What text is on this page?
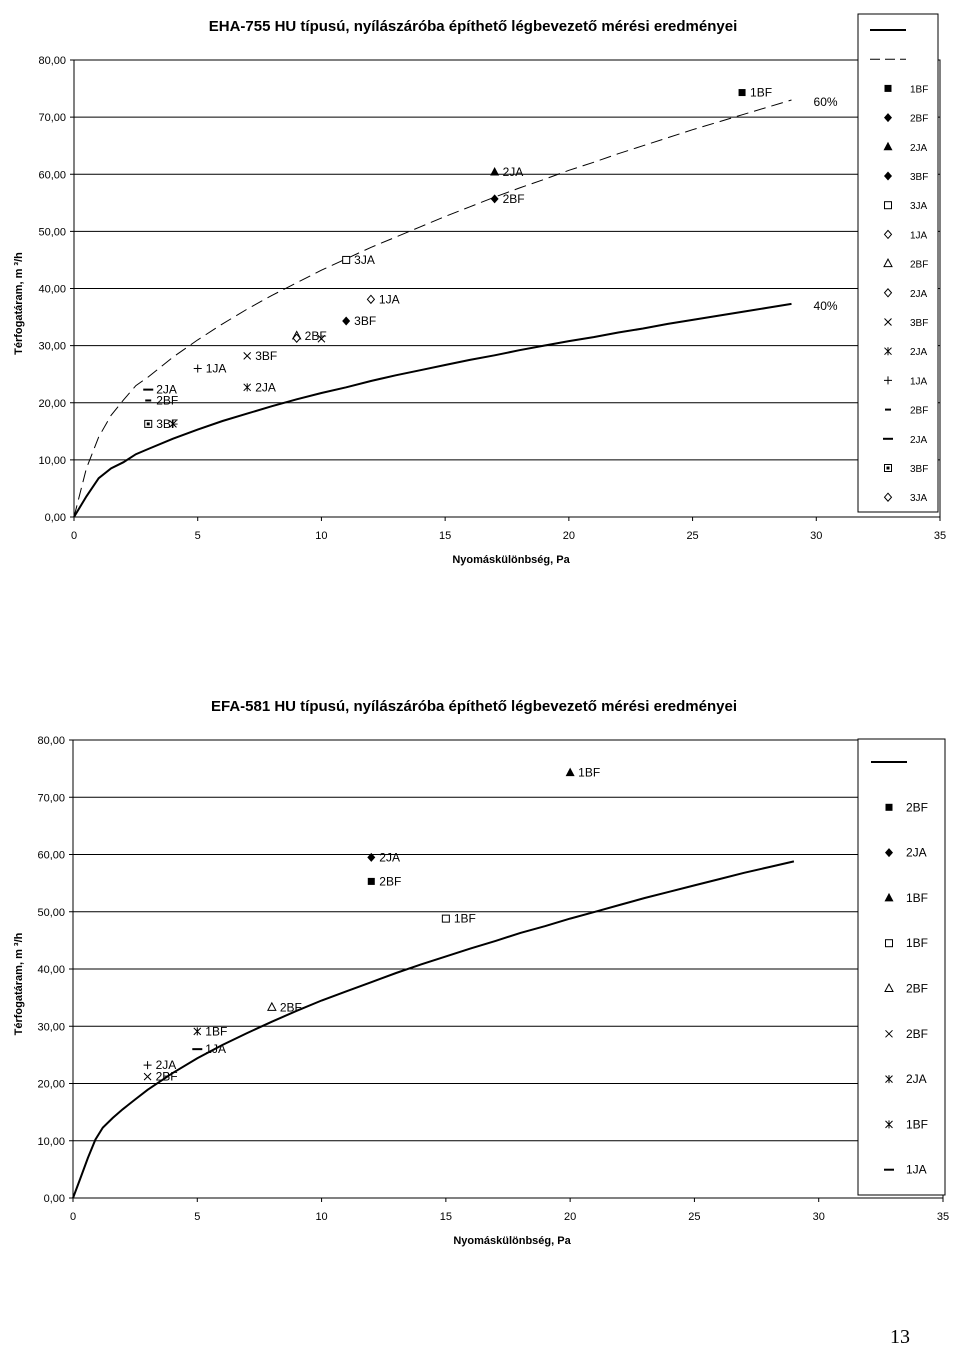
EHA-755 HU típusú, nyílászáróba építhető légbevezető mérési eredményei
0,00
10,00
20,00
30,00
40,00
50,00
60,00
70,00
80,00
0	5	10	15	20	25	30	35
Nyomáskülönbség, Pa
Térfogatáram, m ³/h	40%
60%
1BF
2JA
2BF
3JA
1JA
3BF
2BF
3BF
1JA
2JA
2JA
2BF
3BF
1BF
2BF
2JA
3BF
3JA
1JA
2BF
2JA
3BF
2JA
1JA
2BF
2JA
3BF
3JA
EFA-581 HU típusú, nyílászáróba építhető légbevezető mérési eredményei
0,00
10,00
20,00
30,00
40,00
50,00
60,00
70,00
80,00
0	5	10	15	20	25	30	35
Nyomáskülönbség, Pa
Térfogatáram, m ³/h
1BF
2JA
2BF
1BF
2BF
1BF
1JA
2JA
2BF
2BF
2JA
1BF
1BF
2BF
2BF
2JA
1BF
1JA
13
